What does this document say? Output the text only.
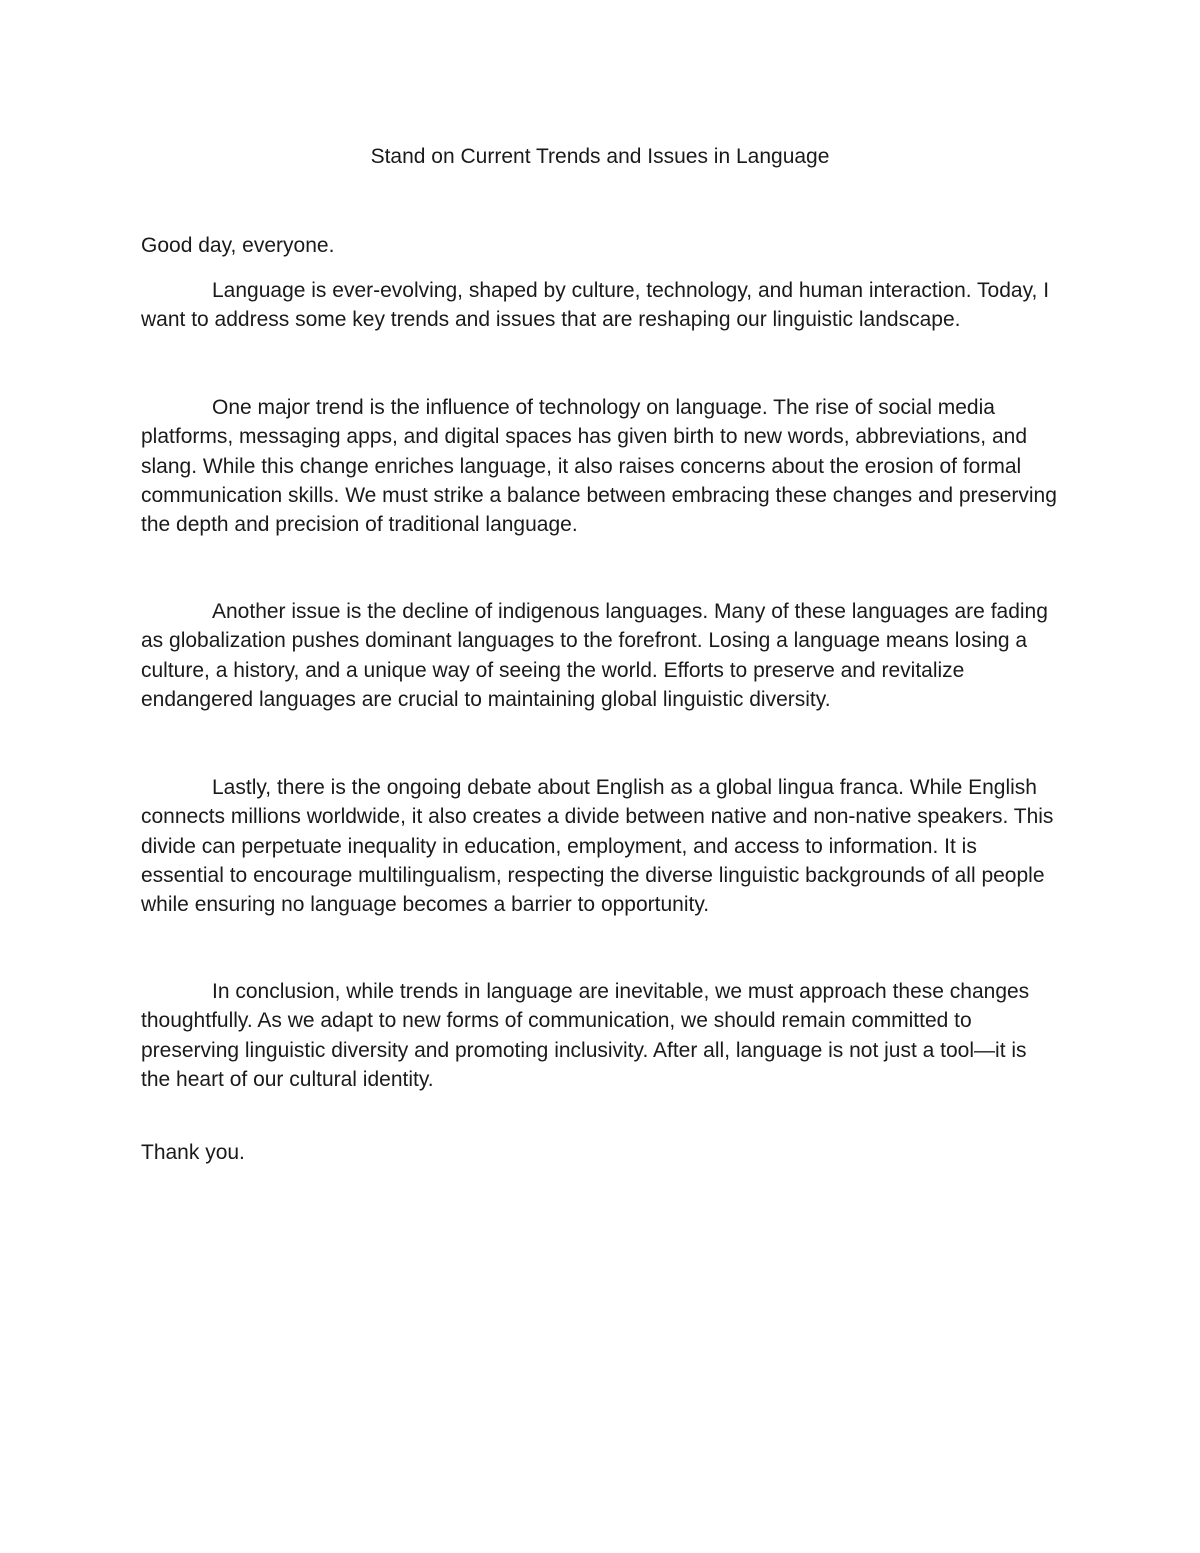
Stand on Current Trends and Issues in Language

Good day, everyone.

Language is ever-evolving, shaped by culture, technology, and human interaction. Today, I want to address some key trends and issues that are reshaping our linguistic landscape.

One major trend is the influence of technology on language. The rise of social media platforms, messaging apps, and digital spaces has given birth to new words, abbreviations, and slang. While this change enriches language, it also raises concerns about the erosion of formal communication skills. We must strike a balance between embracing these changes and preserving the depth and precision of traditional language.

Another issue is the decline of indigenous languages. Many of these languages are fading as globalization pushes dominant languages to the forefront. Losing a language means losing a culture, a history, and a unique way of seeing the world. Efforts to preserve and revitalize endangered languages are crucial to maintaining global linguistic diversity.

Lastly, there is the ongoing debate about English as a global lingua franca. While English connects millions worldwide, it also creates a divide between native and non-native speakers. This divide can perpetuate inequality in education, employment, and access to information. It is essential to encourage multilingualism, respecting the diverse linguistic backgrounds of all people while ensuring no language becomes a barrier to opportunity.

In conclusion, while trends in language are inevitable, we must approach these changes thoughtfully. As we adapt to new forms of communication, we should remain committed to preserving linguistic diversity and promoting inclusivity. After all, language is not just a tool—it is the heart of our cultural identity.

Thank you.
